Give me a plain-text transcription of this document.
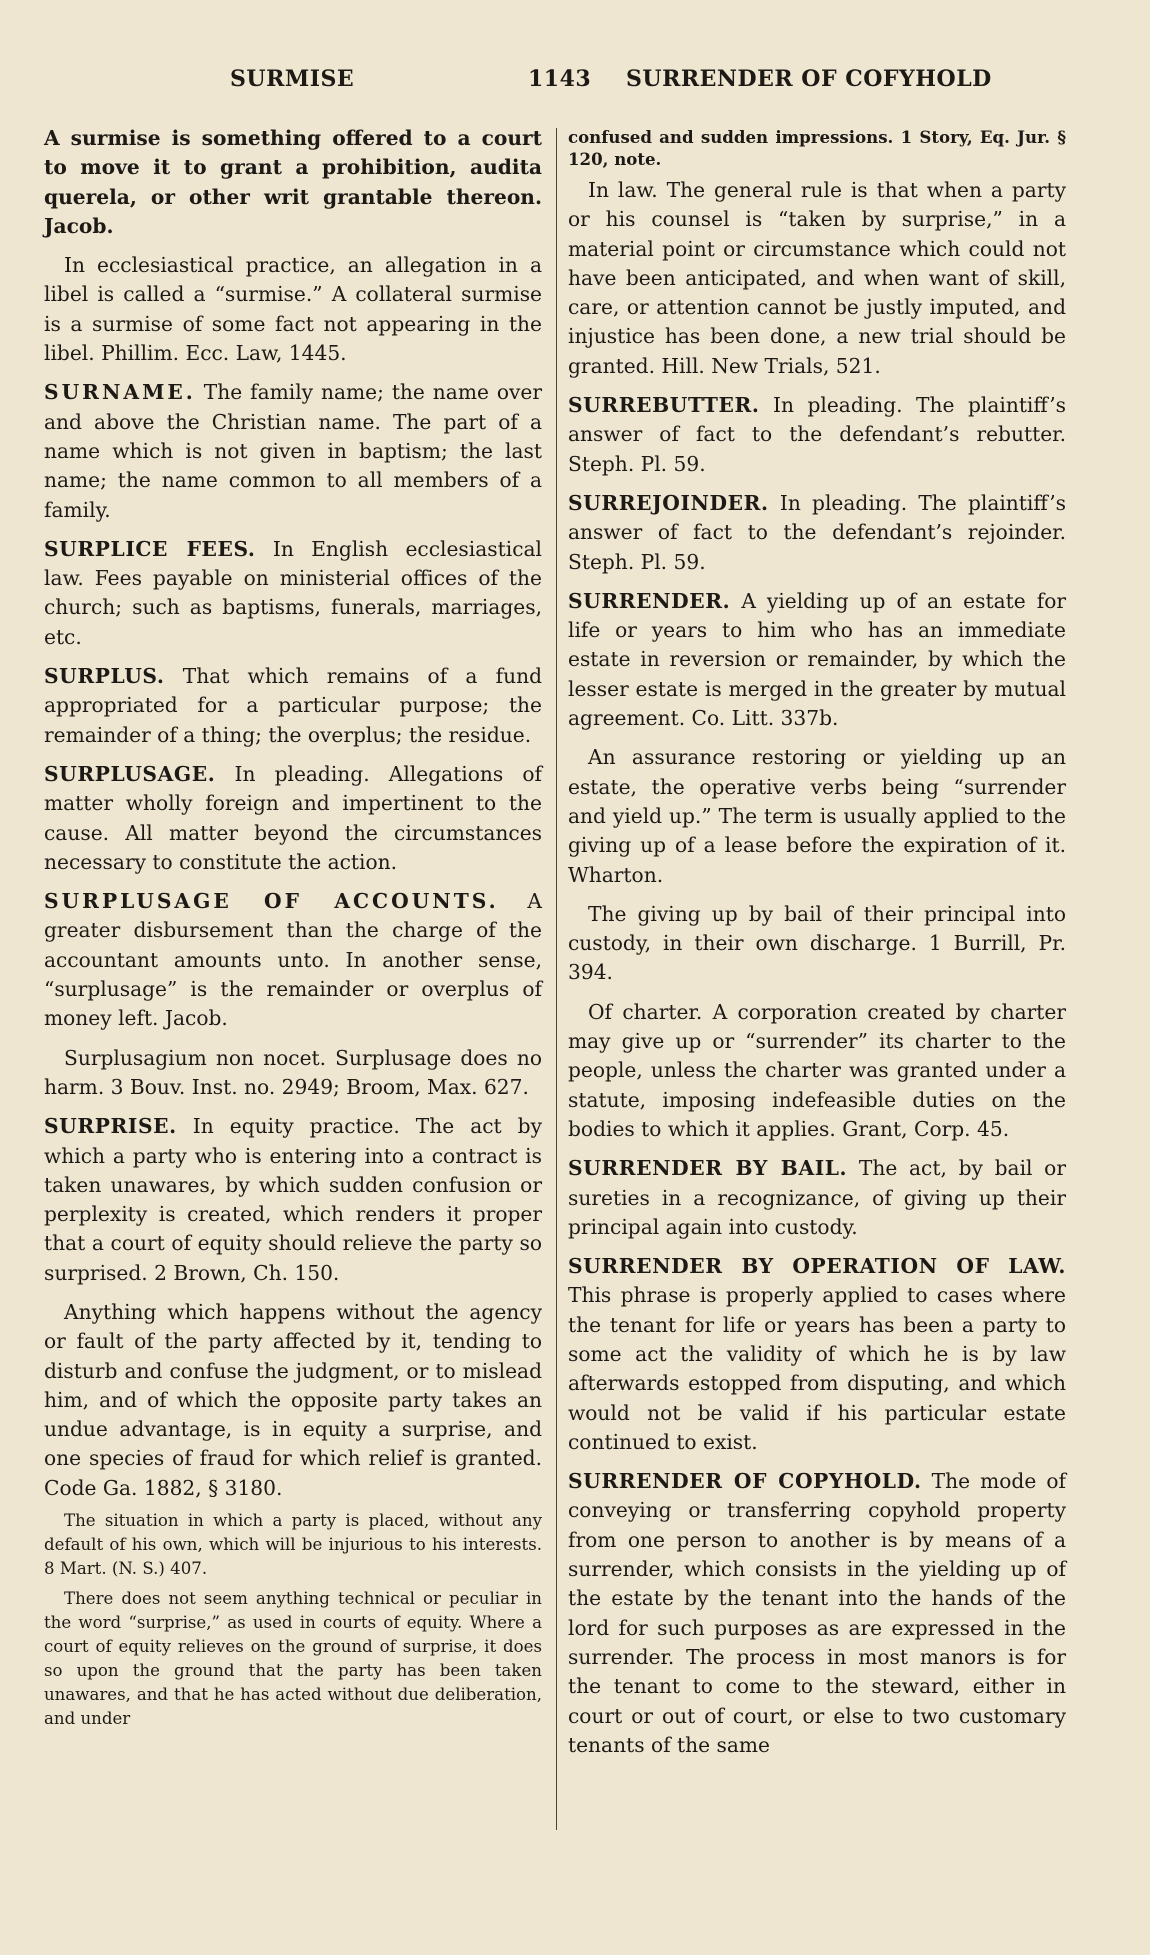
SURMISE	1143 SURRENDER OF COFYHOLD

A surmise is something offered to a court to move it to grant a prohibition, audita querela, or other writ grantable thereon. Jacob.

In ecclesiastical practice, an allegation in a libel is called a “surmise.” A collateral surmise is a surmise of some fact not appearing in the libel. Phillim. Ecc. Law, 1445.

SURNAME. The family name; the name over and above the Christian name. The part of a name which is not given in baptism; the last name; the name common to all members of a family.

SURPLICE FEES. In English ecclesiastical law. Fees payable on ministerial offices of the church; such as baptisms, funerals, marriages, etc.

SURPLUS. That which remains of a fund appropriated for a particular purpose; the remainder of a thing; the overplus; the residue.

SURPLUSAGE. In pleading. Allegations of matter wholly foreign and impertinent to the cause. All matter beyond the circumstances necessary to constitute the action.

SURPLUSAGE OF ACCOUNTS. A greater disbursement than the charge of the accountant amounts unto. In another sense, “surplusage” is the remainder or overplus of money left. Jacob.

Surplusagium non nocet. Surplusage does no harm. 3 Bouv. Inst. no. 2949; Broom, Max. 627.

SURPRISE. In equity practice. The act by which a party who is entering into a contract is taken unawares, by which sudden confusion or perplexity is created, which renders it proper that a court of equity should relieve the party so surprised. 2 Brown, Ch. 150.

Anything which happens without the agency or fault of the party affected by it, tending to disturb and confuse the judgment, or to mislead him, and of which the opposite party takes an undue advantage, is in equity a surprise, and one species of fraud for which relief is granted. Code Ga. 1882, § 3180.

The situation in which a party is placed, without any default of his own, which will be injurious to his interests. 8 Mart. (N. S.) 407.

There does not seem anything technical or peculiar in the word “surprise,” as used in courts of equity. Where a court of equity relieves on the ground of surprise, it does so upon the ground that the party has been taken unawares, and that he has acted without due deliberation, and under

confused and sudden impressions. 1 Story, Eq. Jur. § 120, note.

In law. The general rule is that when a party or his counsel is “taken by surprise,” in a material point or circumstance which could not have been anticipated, and when want of skill, care, or attention cannot be justly imputed, and injustice has been done, a new trial should be granted. Hill. New Trials, 521.

SURREBUTTER. In pleading. The plaintiff’s answer of fact to the defendant’s rebutter. Steph. Pl. 59.

SURREJOINDER. In pleading. The plaintiff’s answer of fact to the defendant’s rejoinder. Steph. Pl. 59.

SURRENDER. A yielding up of an estate for life or years to him who has an immediate estate in reversion or remainder, by which the lesser estate is merged in the greater by mutual agreement. Co. Litt. 337b.

An assurance restoring or yielding up an estate, the operative verbs being “surrender and yield up.” The term is usually applied to the giving up of a lease before the expiration of it. Wharton.

The giving up by bail of their principal into custody, in their own discharge. 1 Burrill, Pr. 394.

Of charter. A corporation created by charter may give up or “surrender” its charter to the people, unless the charter was granted under a statute, imposing indefeasible duties on the bodies to which it applies. Grant, Corp. 45.

SURRENDER BY BAIL. The act, by bail or sureties in a recognizance, of giving up their principal again into custody.

SURRENDER BY OPERATION OF LAW. This phrase is properly applied to cases where the tenant for life or years has been a party to some act the validity of which he is by law afterwards estopped from disputing, and which would not be valid if his particular estate continued to exist.

SURRENDER OF COPYHOLD. The mode of conveying or transferring copyhold property from one person to another is by means of a surrender, which consists in the yielding up of the estate by the tenant into the hands of the lord for such purposes as are expressed in the surrender. The process in most manors is for the tenant to come to the steward, either in court or out of court, or else to two customary tenants of the same
